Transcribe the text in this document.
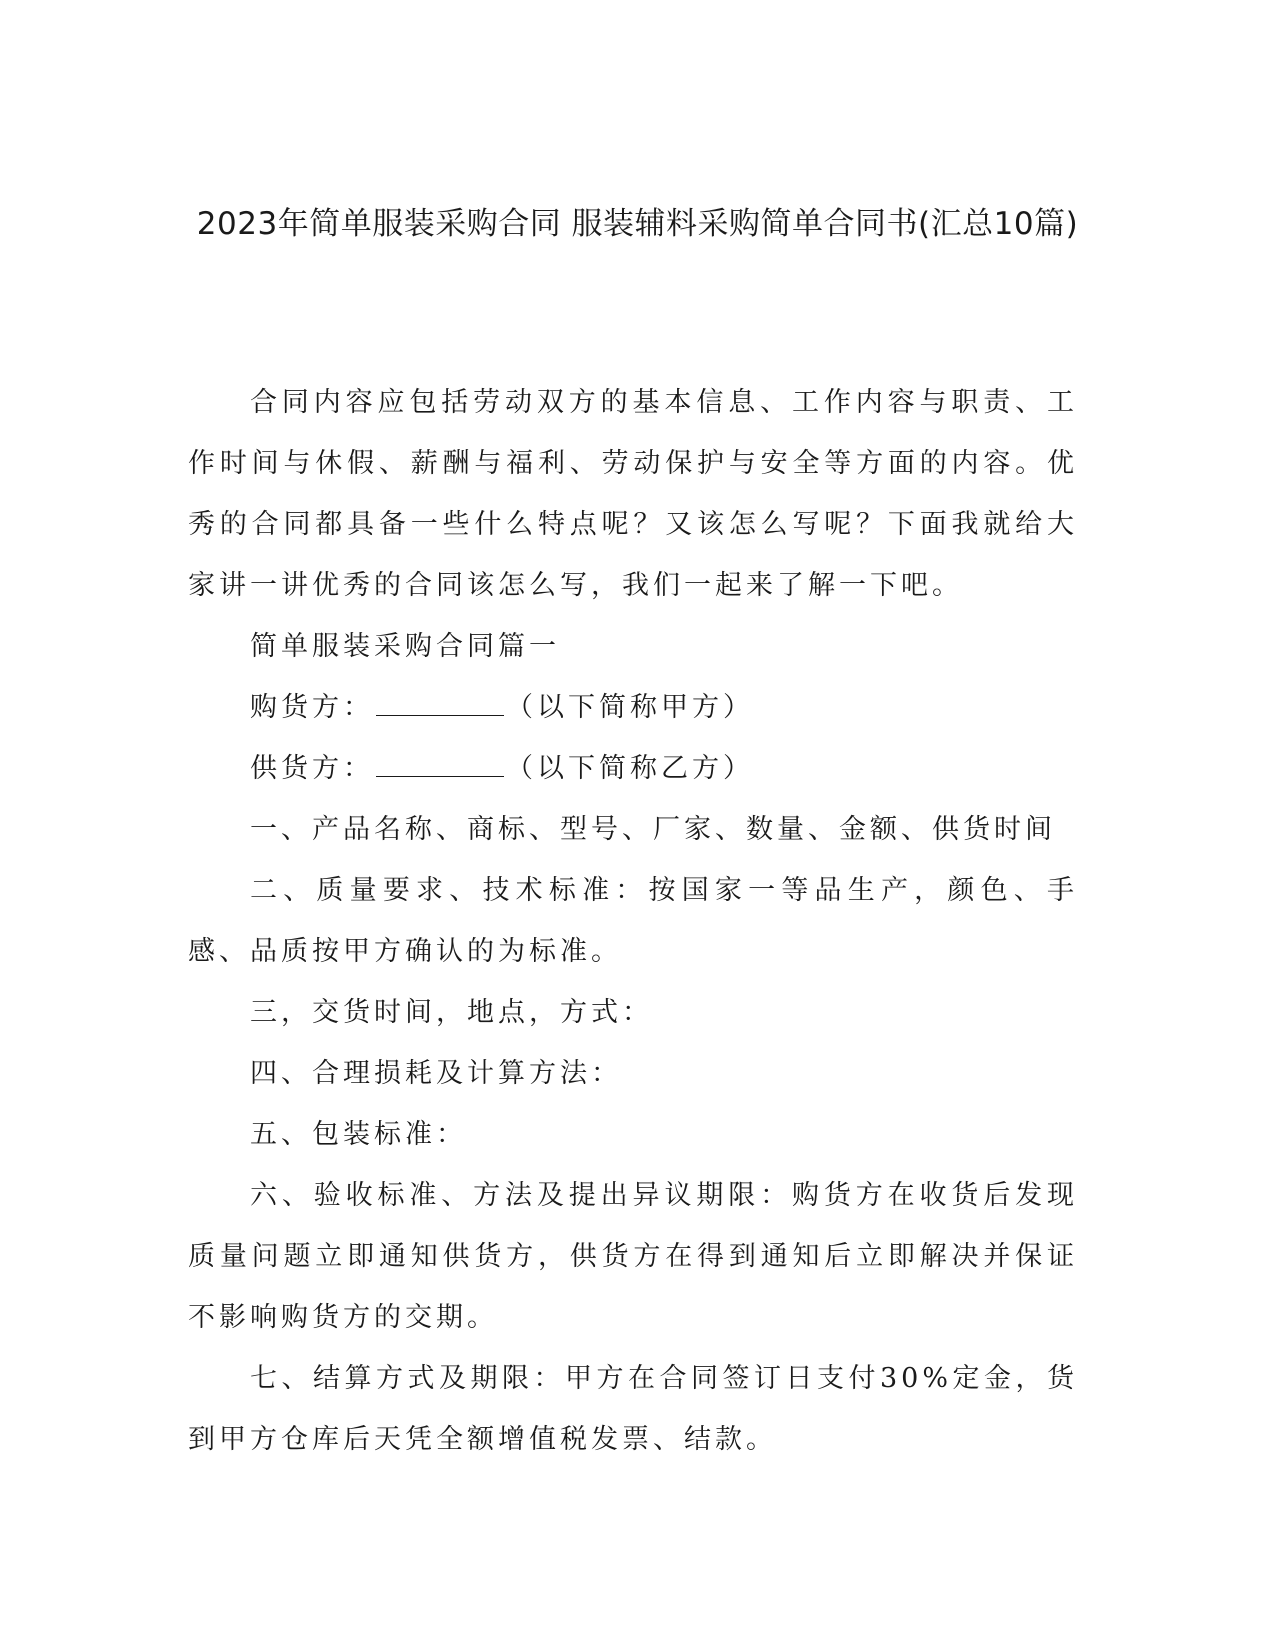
2023年简单服装采购合同 服装辅料采购简单合同书(汇总10篇)

合同内容应包括劳动双方的基本信息、工作内容与职责、工作时间与休假、薪酬与福利、劳动保护与安全等方面的内容。优秀的合同都具备一些什么特点呢？又该怎么写呢？下面我就给大家讲一讲优秀的合同该怎么写，我们一起来了解一下吧。

简单服装采购合同篇一

购货方：	（以下简称甲方）

供货方：	（以下简称乙方）

一、产品名称、商标、型号、厂家、数量、金额、供货时间

二、质量要求、技术标准：按国家一等品生产，颜色、手感、品质按甲方确认的为标准。

三，交货时间，地点，方式：

四、合理损耗及计算方法：

五、包装标准：

六、验收标准、方法及提出异议期限：购货方在收货后发现质量问题立即通知供货方，供货方在得到通知后立即解决并保证不影响购货方的交期。

七、结算方式及期限：甲方在合同签订日支付30%定金，货到甲方仓库后天凭全额增值税发票、结款。
